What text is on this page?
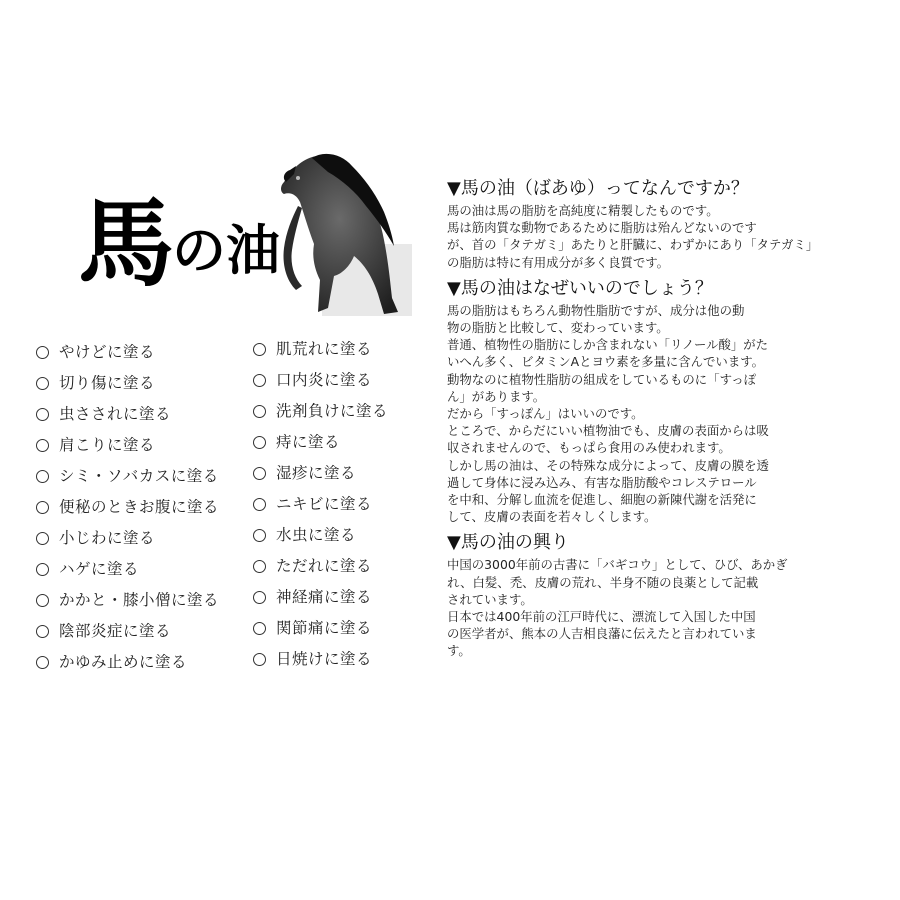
馬の油
やけどに塗る
切り傷に塗る
虫さされに塗る
肩こりに塗る
シミ・ソバカスに塗る
便秘のときお腹に塗る
小じわに塗る
ハゲに塗る
かかと・膝小僧に塗る
陰部炎症に塗る
かゆみ止めに塗る
肌荒れに塗る
口内炎に塗る
洗剤負けに塗る
痔に塗る
湿疹に塗る
ニキビに塗る
水虫に塗る
ただれに塗る
神経痛に塗る
関節痛に塗る
日焼けに塗る
▼馬の油（ばあゆ）ってなんですか？

馬の油は馬の脂肪を高純度に精製したものです。

馬は筋肉質な動物であるために脂肪は殆んどないのです

が、首の「タテガミ」あたりと肝臓に、わずかにあり「タテガミ」

の脂肪は特に有用成分が多く良質です。

▼馬の油はなぜいいのでしょう？

馬の脂肪はもちろん動物性脂肪ですが、成分は他の動

物の脂肪と比較して、変わっています。

普通、植物性の脂肪にしか含まれない「リノール酸」がた

いへん多く、ビタミンAとヨウ素を多量に含んでいます。

動物なのに植物性脂肪の組成をしているものに「すっぽ

ん」があります。

だから「すっぽん」はいいのです。

ところで、からだにいい植物油でも、皮膚の表面からは吸

収されませんので、もっぱら食用のみ使われます。

しかし馬の油は、その特殊な成分によって、皮膚の膜を透

過して身体に浸み込み、有害な脂肪酸やコレステロール

を中和、分解し血流を促進し、細胞の新陳代謝を活発に

して、皮膚の表面を若々しくします。

▼馬の油の興り

中国の3000年前の古書に「バギコウ」として、ひび、あかぎ

れ、白髪、禿、皮膚の荒れ、半身不随の良薬として記載

されています。

日本では400年前の江戸時代に、漂流して入国した中国

の医学者が、熊本の人吉相良藩に伝えたと言われていま

す。
